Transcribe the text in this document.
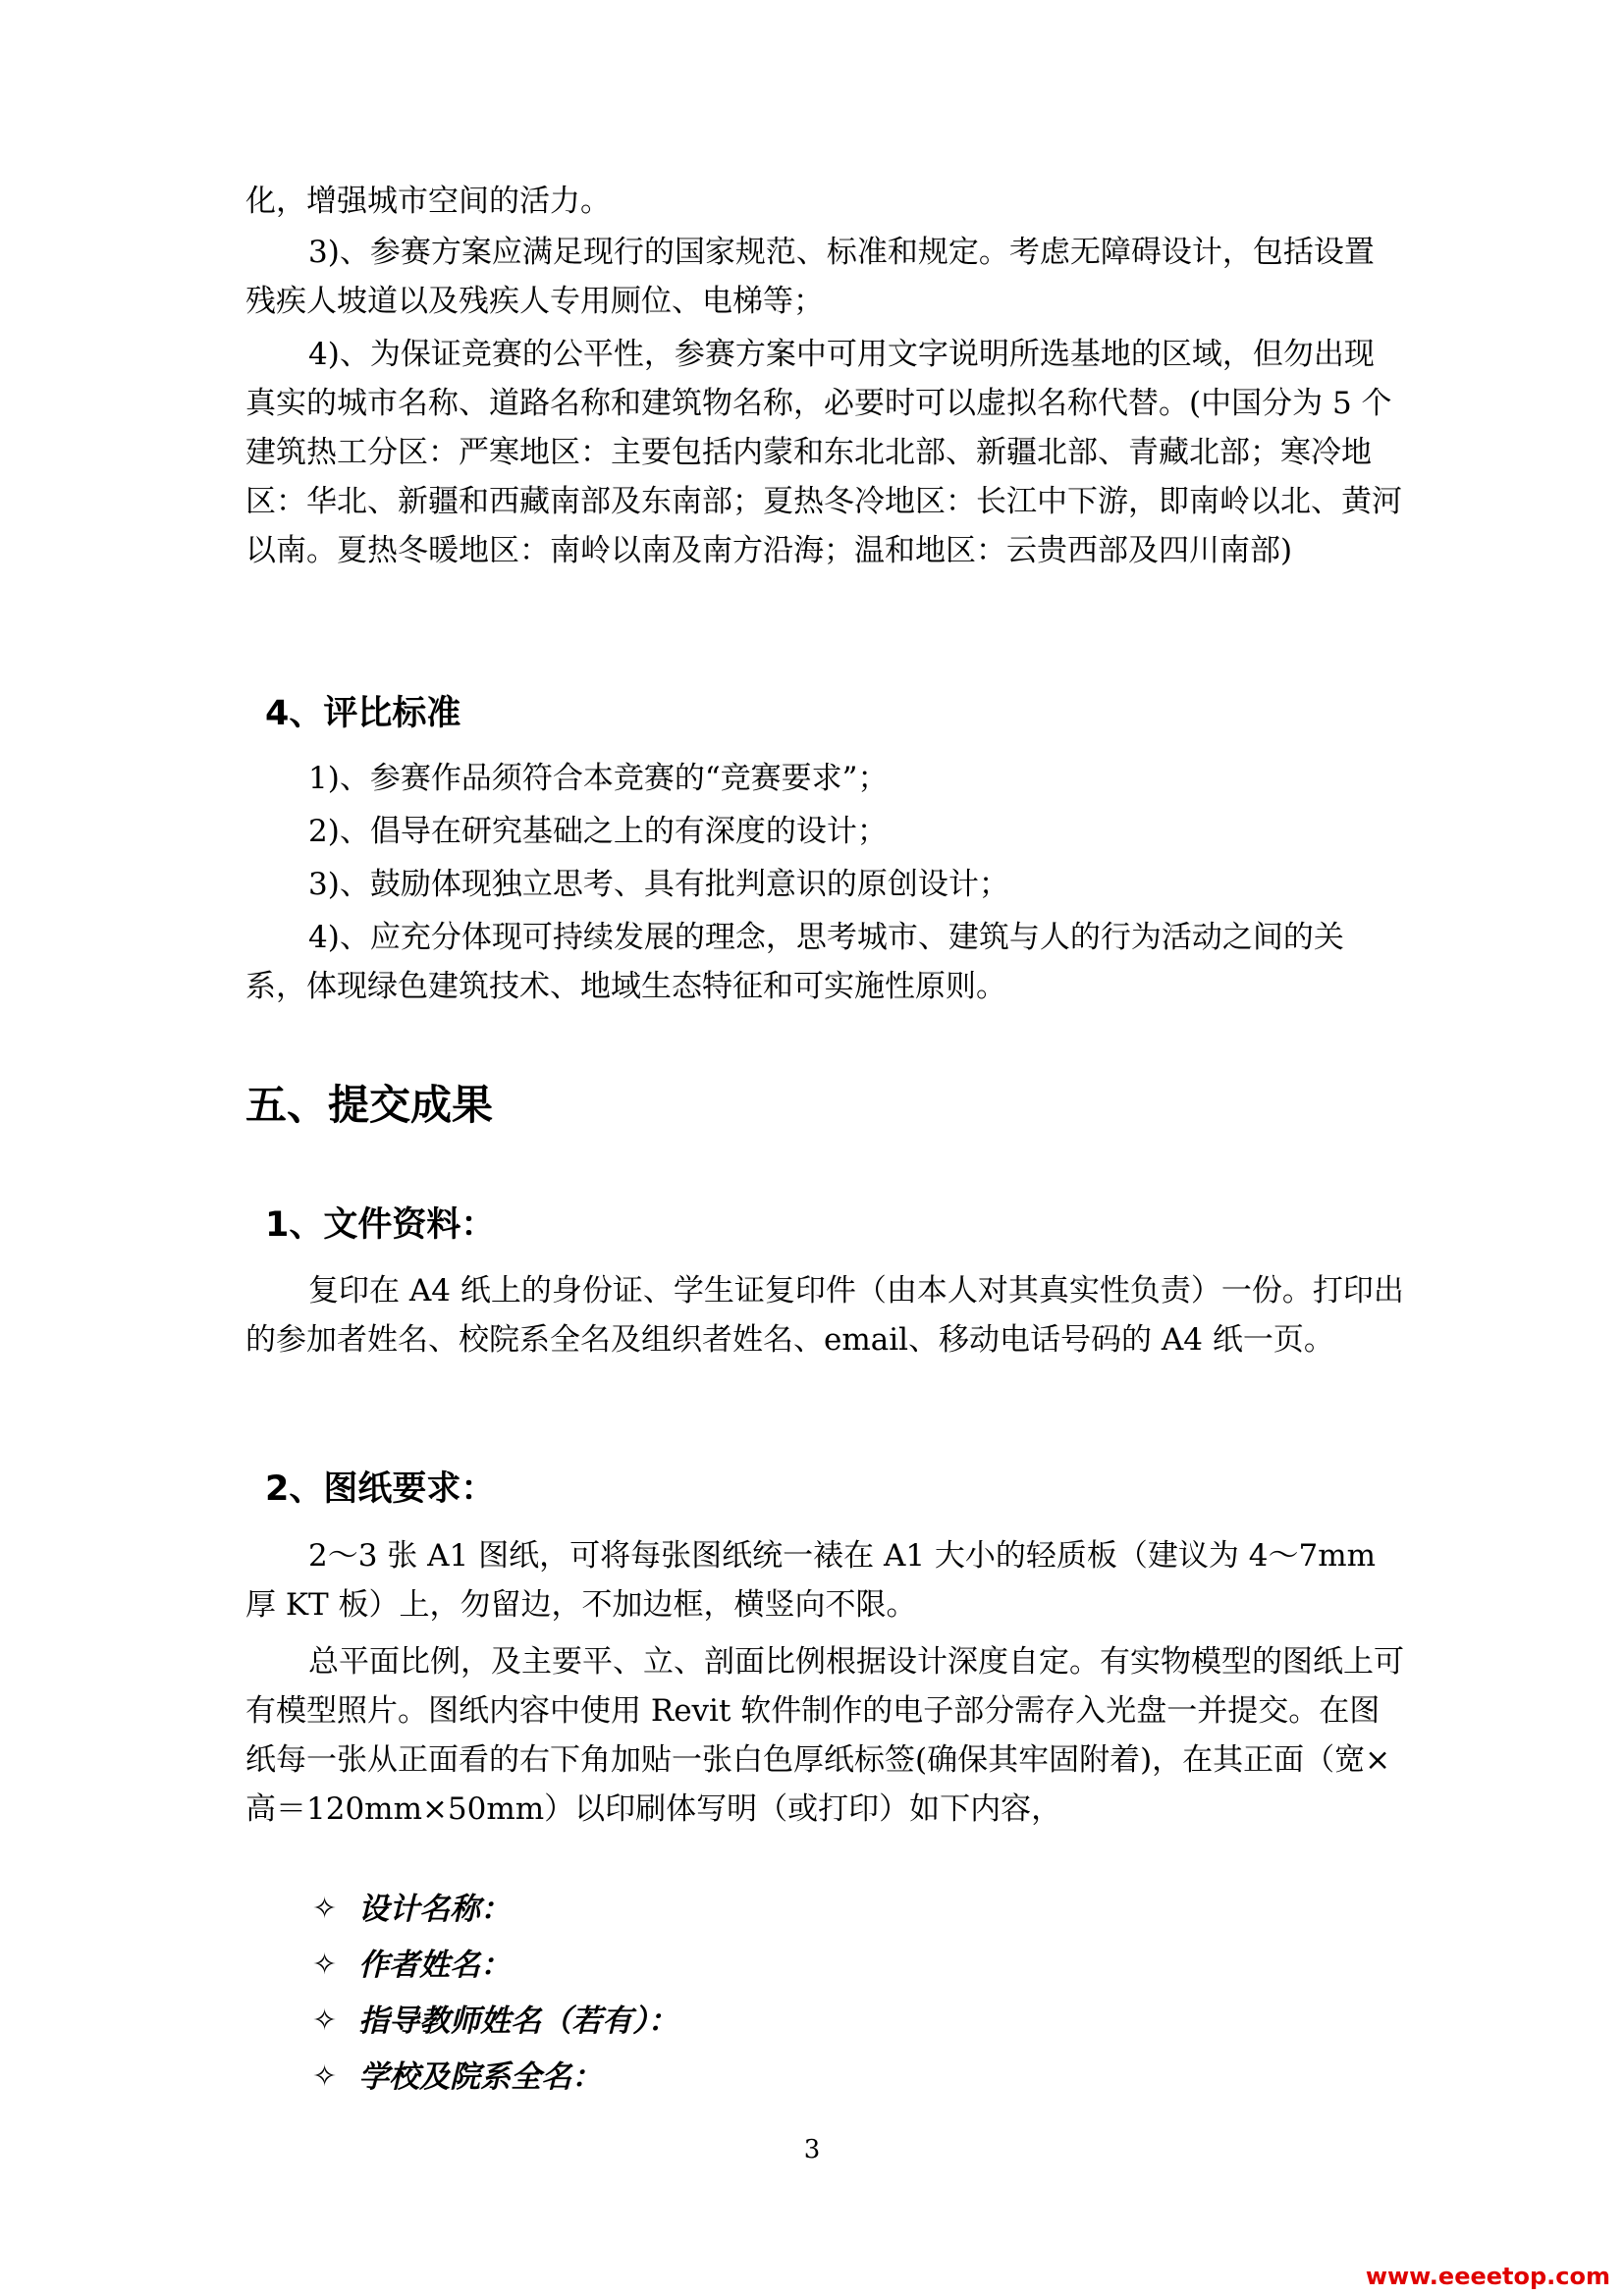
化，增强城市空间的活力。

3)、参赛方案应满足现行的国家规范、标准和规定。考虑无障碍设计，包括设置残疾人坡道以及残疾人专用厕位、电梯等；

4)、为保证竞赛的公平性，参赛方案中可用文字说明所选基地的区域，但勿出现真实的城市名称、道路名称和建筑物名称，必要时可以虚拟名称代替。(中国分为 5 个建筑热工分区：严寒地区：主要包括内蒙和东北北部、新疆北部、青藏北部；寒冷地区：华北、新疆和西藏南部及东南部；夏热冬冷地区：长江中下游，即南岭以北、黄河以南。夏热冬暖地区：南岭以南及南方沿海；温和地区：云贵西部及四川南部)

4、评比标准

1)、参赛作品须符合本竞赛的“竞赛要求”；

2)、倡导在研究基础之上的有深度的设计；

3)、鼓励体现独立思考、具有批判意识的原创设计；

4)、应充分体现可持续发展的理念，思考城市、建筑与人的行为活动之间的关系，体现绿色建筑技术、地域生态特征和可实施性原则。

五、提交成果
1、文件资料：

复印在 A4 纸上的身份证、学生证复印件（由本人对其真实性负责）一份。打印出的参加者姓名、校院系全名及组织者姓名、email、移动电话号码的 A4 纸一页。

2、图纸要求：

2～3 张 A1 图纸，可将每张图纸统一裱在 A1 大小的轻质板（建议为 4～7mm 厚 KT 板）上，勿留边，不加边框，横竖向不限。

总平面比例，及主要平、立、剖面比例根据设计深度自定。有实物模型的图纸上可有模型照片。图纸内容中使用 Revit 软件制作的电子部分需存入光盘一并提交。在图纸每一张从正面看的右下角加贴一张白色厚纸标签(确保其牢固附着)，在其正面（宽×高＝120mm×50mm）以印刷体写明（或打印）如下内容，

✧ 设计名称：
✧ 作者姓名：
✧ 指导教师姓名（若有）：
✧ 学校及院系全名：
3
www.eeeetop.com
